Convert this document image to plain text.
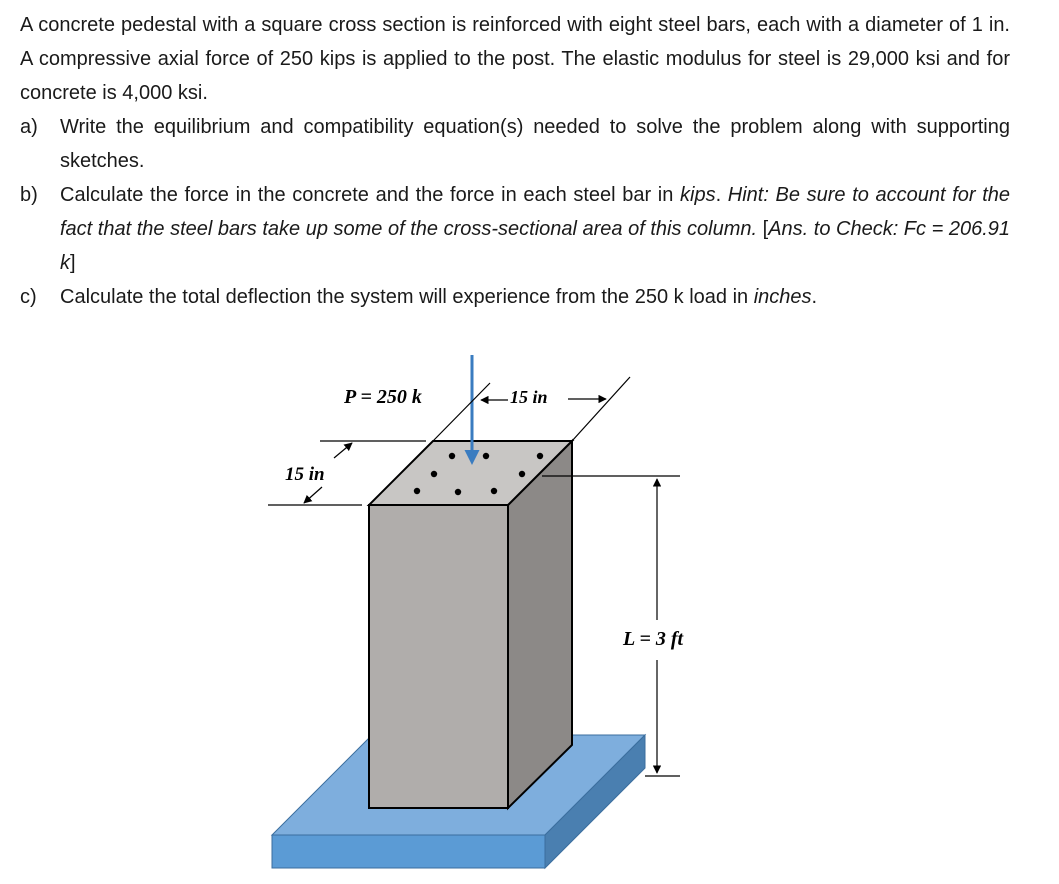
A concrete pedestal with a square cross section is reinforced with eight steel bars, each with a diameter of 1 in. A compressive axial force of 250 kips is applied to the post. The elastic modulus for steel is 29,000 ksi and for concrete is 4,000 ksi.

a) Write the equilibrium and compatibility equation(s) needed to solve the problem along with supporting sketches.

b) Calculate the force in the concrete and the force in each steel bar in kips. Hint: Be sure to account for the fact that the steel bars take up some of the cross-sectional area of this column. [Ans. to Check: Fc = 206.91 k]

c) Calculate the total deflection the system will experience from the 250 k load in inches.

P = 250 k	15 in
15 in
L = 3 ft
